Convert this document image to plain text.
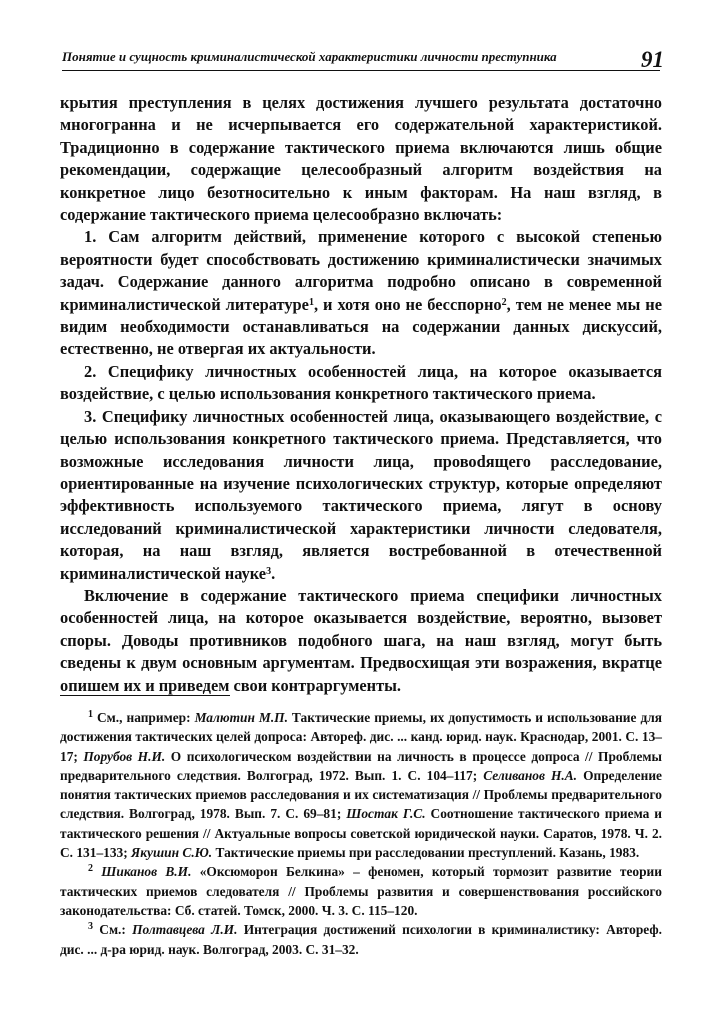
Понятие и сущность криминалистической характеристики личности преступника	91

крытия преступления в целях достижения лучшего результата достаточно многогранна и не исчерпывается его содержательной характеристикой. Традиционно в содержание тактического приема включаются лишь общие рекомендации, содержащие целесообразный алгоритм воздействия на конкретное лицо безотносительно к иным факторам. На наш взгляд, в содержание тактического приема целесообразно включать:

1. Сам алгоритм действий, применение которого с высокой степенью вероятности будет способствовать достижению криминалистически значимых задач. Содержание данного алгоритма подробно описано в современной криминалистической литературе$^1$, и хотя оно не бесспорно$^2$, тем не менее мы не видим необходимости останавливаться на содержании данных дискуссий, естественно, не отвергая их актуальности.

2. Специфику личностных особенностей лица, на которое оказывается воздействие, с целью использования конкретного тактического приема.

3. Специфику личностных особенностей лица, оказывающего воздействие, с целью использования конкретного тактического приема. Представляется, что возможные исследования личности лица, провоdящего расследование, ориентированные на изучение психологических структур, которые определяют эффективность используемого тактического приема, лягут в основу исследований криминалистической характеристики личности следователя, которая, на наш взгляд, является востребованной в отечественной криминалистической науке$^3$.

Включение в содержание тактического приема специфики личностных особенностей лица, на которое оказывается воздействие, вероятно, вызовет споры. Доводы противников подобного шага, на наш взгляд, могут быть сведены к двум основным аргументам. Предвосхищая эти возражения, вкратце опишем их и приведем свои контраргументы.

$^1$ См., например: Малютин М.П. Тактические приемы, их допустимость и использование для достижения тактических целей допроса: Автореф. дис. ... канд. юрид. наук. Краснодар, 2001. С. 13–17; Порубов Н.И. О психологическом воздействии на личность в процессе допроса // Проблемы предварительного следствия. Волгоград, 1972. Вып. 1. С. 104–117; Селиванов Н.А. Определение понятия тактических приемов расследования и их систематизация // Проблемы предварительного следствия. Волгоград, 1978. Вып. 7. С. 69–81; Шостак Г.С. Соотношение тактического приема и тактического решения // Актуальные вопросы советской юридической науки. Саратов, 1978. Ч. 2. С. 131–133; Якушин С.Ю. Тактические приемы при расследовании преступлений. Казань, 1983.

$^2$ Шиканов В.И. «Оксюморон Белкина» – феномен, который тормозит развитие теории тактических приемов следователя // Проблемы развития и совершенствования российского законодательства: Сб. статей. Томск, 2000. Ч. 3. С. 115–120.

$^3$ См.: Полтавцева Л.И. Интеграция достижений психологии в криминалистику: Автореф. дис. ... д-ра юрид. наук. Волгоград, 2003. С. 31–32.
